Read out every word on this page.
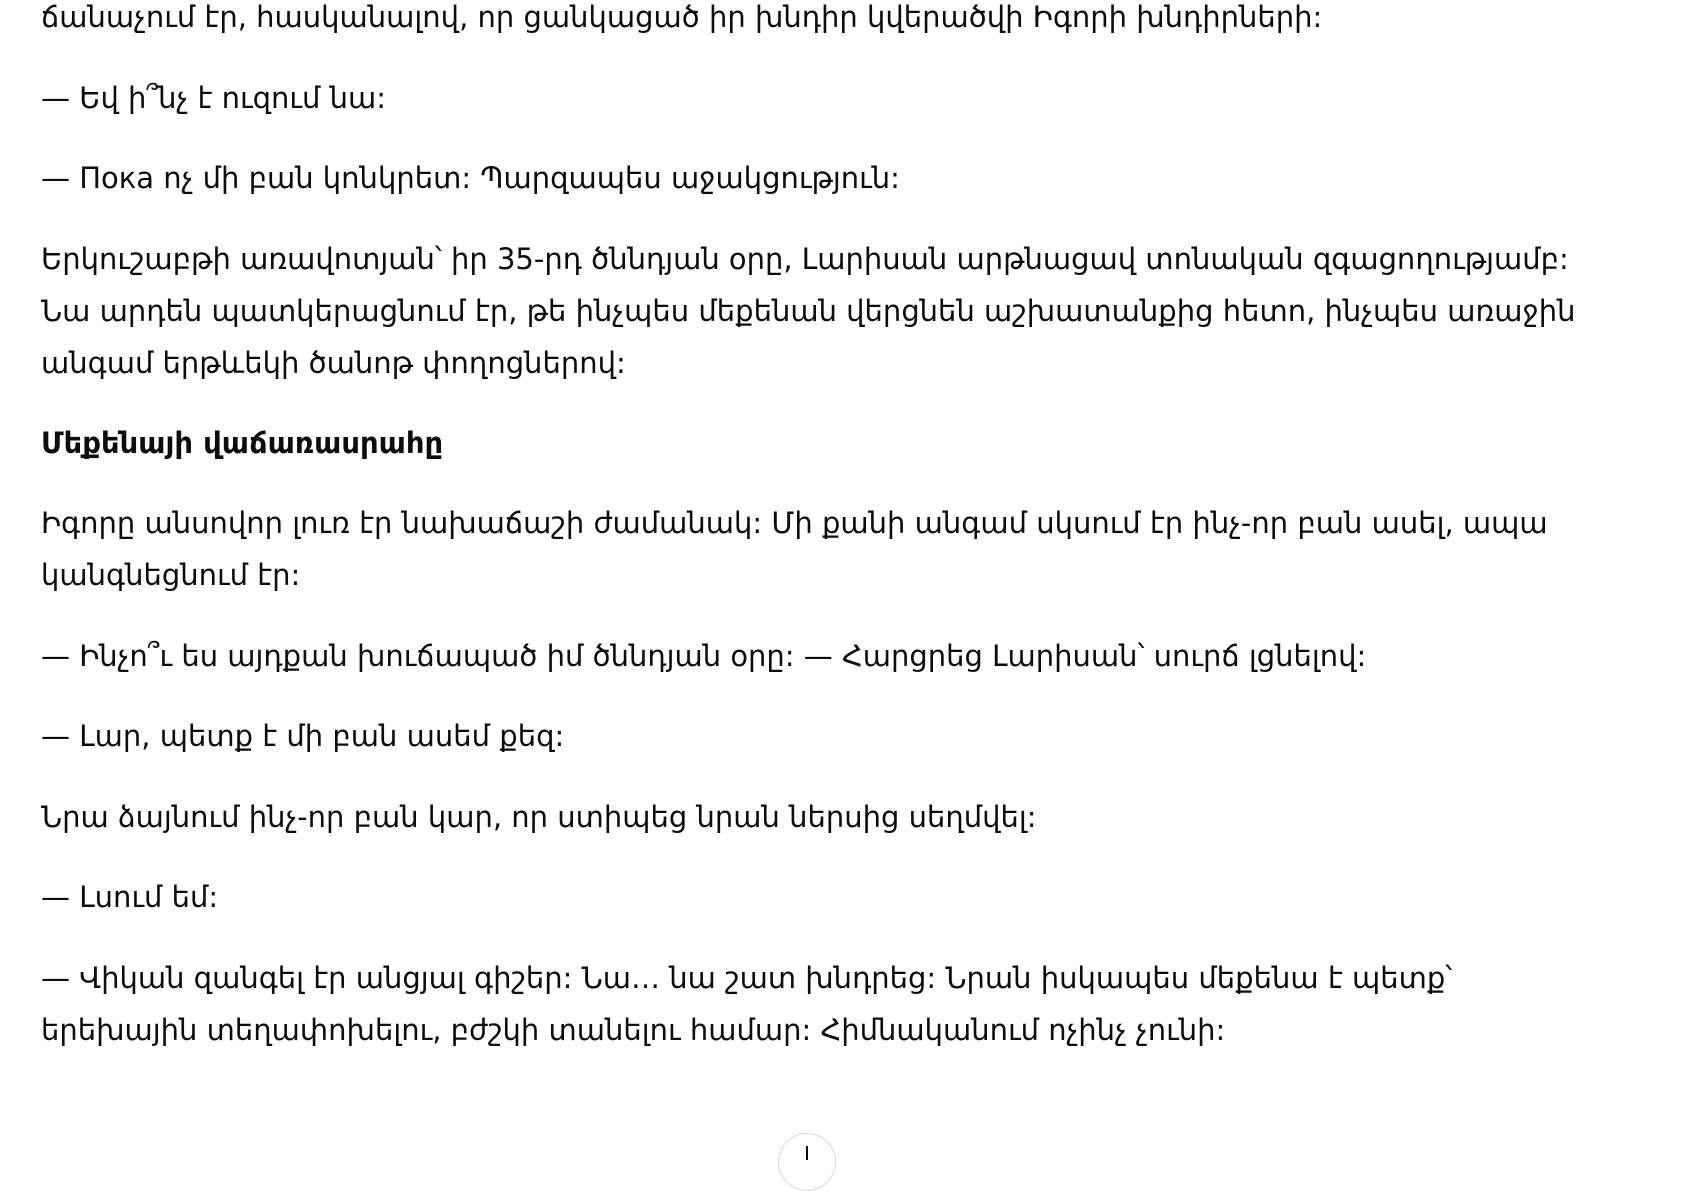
ճանաչում էր, հասկանալով, որ ցանկացած իր խնդիր կվերածվի Իգորի խնդիրների:

— Եվ ի՞նչ է ուզում նա:

— Пока ոչ մի բան կոնկրետ: Պարզապես աջակցություն:

Երկուշաբթի առավոտյան՝ իր 35-րդ ծննդյան օրը, Լարիսան արթնացավ տոնական զգացողությամբ:

Նա արդեն պատկերացնում էր, թե ինչպես մեքենան վերցնեն աշխատանքից հետո, ինչպես առաջին

անգամ երթևեկի ծանոթ փողոցներով:

Մեքենայի վաճառասրահը

Իգորը անսովոր լուռ էր նախաճաշի ժամանակ: Մի քանի անգամ սկսում էր ինչ-որ բան ասել, ապա

կանգնեցնում էր:

— Ինչո՞ւ ես այդքան խուճապած իմ ծննդյան օրը: — Հարցրեց Լարիսան՝ սուրճ լցնելով:

— Լար, պետք է մի բան ասեմ քեզ:

Նրա ձայնում ինչ-որ բան կար, որ ստիպեց նրան ներսից սեղմվել:

— Լսում եմ:

— Վիկան զանգել էր անցյալ գիշեր: Նա… նա շատ խնդրեց: Նրան իսկապես մեքենա է պետք՝

երեխային տեղափոխելու, բժշկի տանելու համար: Հիմնականում ոչինչ չունի:
